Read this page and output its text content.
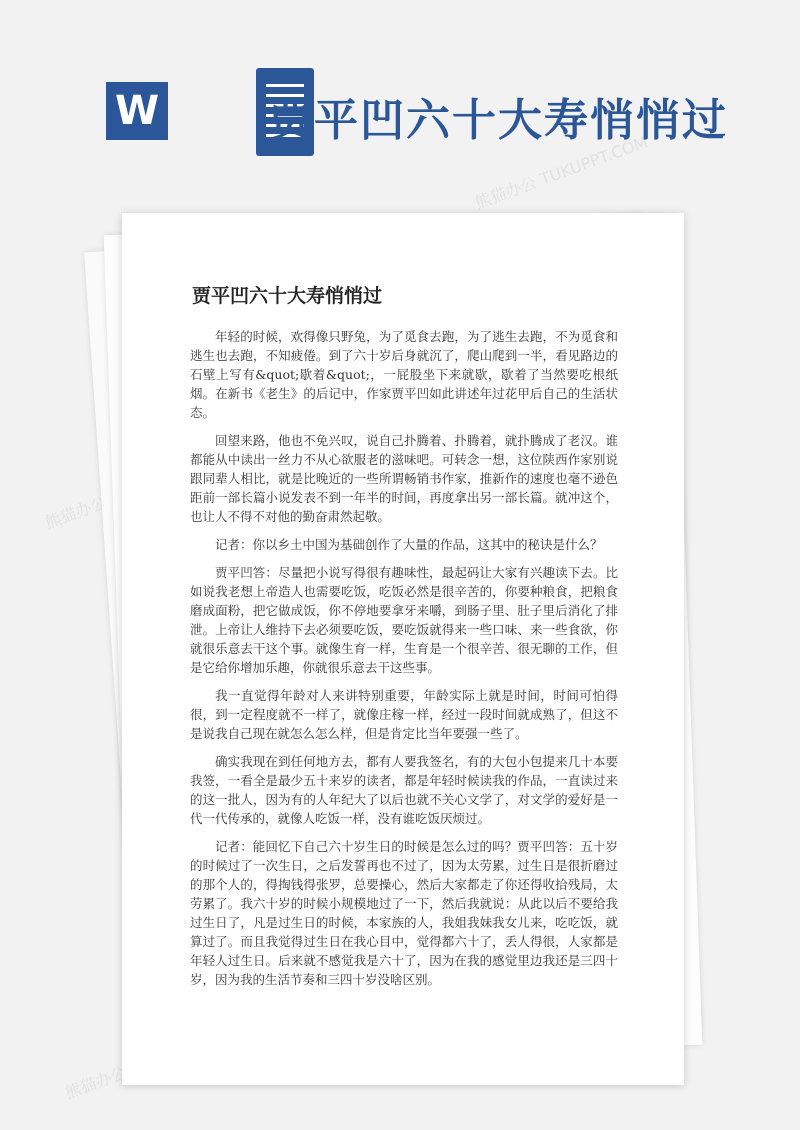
W 贾平凹六十大寿悄悄过
熊猫办公 TUKUPPT.COM
熊猫办公
熊猫办公
贾平凹六十大寿悄悄过

年轻的时候，欢得像只野兔，为了觅食去跑，为了逃生去跑，不为觅食和逃生也去跑，不知疲倦。到了六十岁后身就沉了，爬山爬到一半，看见路边的石壁上写有&quot;歇着&quot;，一屁股坐下来就歇，歇着了当然要吃根纸烟。在新书《老生》的后记中，作家贾平凹如此讲述年过花甲后自己的生活状态。

回望来路，他也不免兴叹，说自己扑腾着、扑腾着，就扑腾成了老汉。谁都能从中读出一丝力不从心欲服老的滋味吧。可转念一想，这位陕西作家别说跟同辈人相比，就是比晚近的一些所谓畅销书作家，推新作的速度也毫不逊色距前一部长篇小说发表不到一年半的时间，再度拿出另一部长篇。就冲这个，也让人不得不对他的勤奋肃然起敬。

记者：你以乡土中国为基础创作了大量的作品，这其中的秘诀是什么？

贾平凹答：尽量把小说写得很有趣味性，最起码让大家有兴趣读下去。比如说我老想上帝造人也需要吃饭，吃饭必然是很辛苦的，你要种粮食，把粮食磨成面粉，把它做成饭，你不停地要拿牙来嚼，到肠子里、肚子里后消化了排泄。上帝让人维持下去必须要吃饭，要吃饭就得来一些口味、来一些食欲，你就很乐意去干这个事。就像生育一样，生育是一个很辛苦、很无聊的工作，但是它给你增加乐趣，你就很乐意去干这些事。

我一直觉得年龄对人来讲特别重要，年龄实际上就是时间，时间可怕得很，到一定程度就不一样了，就像庄稼一样，经过一段时间就成熟了，但这不是说我自己现在就怎么怎么样，但是肯定比当年要强一些了。

确实我现在到任何地方去，都有人要我签名，有的大包小包提来几十本要我签，一看全是最少五十来岁的读者，都是年轻时候读我的作品，一直读过来的这一批人，因为有的人年纪大了以后也就不关心文学了，对文学的爱好是一代一代传承的，就像人吃饭一样，没有谁吃饭厌烦过。

记者：能回忆下自己六十岁生日的时候是怎么过的吗？贾平凹答：五十岁的时候过了一次生日，之后发誓再也不过了，因为太劳累，过生日是很折磨过的那个人的，得掏钱得张罗，总要操心，然后大家都走了你还得收拾残局，太劳累了。我六十岁的时候小规模地过了一下，然后我就说：从此以后不要给我过生日了，凡是过生日的时候，本家族的人，我姐我妹我女儿来，吃吃饭，就算过了。而且我觉得过生日在我心目中，觉得都六十了，丢人得很，人家都是年轻人过生日。后来就不感觉我是六十了，因为在我的感觉里边我还是三四十岁，因为我的生活节奏和三四十岁没啥区别。
